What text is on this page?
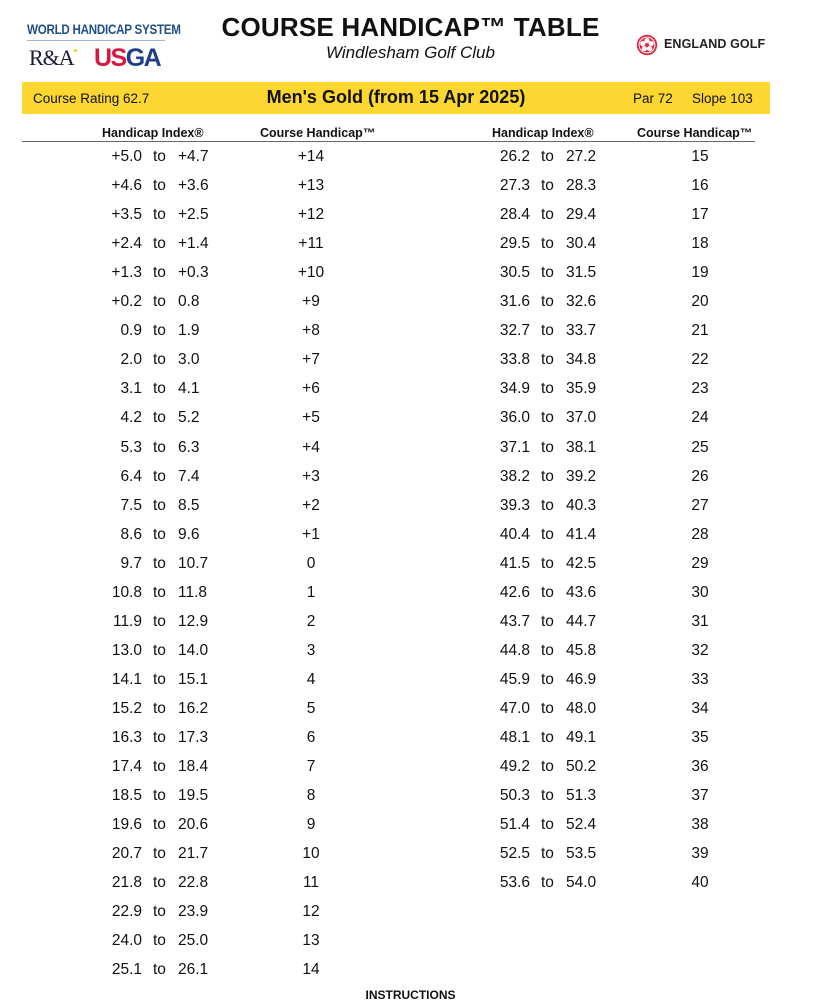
WORLD HANDICAP SYSTEM
R&A USGA
COURSE HANDICAP™ TABLE
Windlesham Golf Club	ENGLAND GOLF
Course Rating 62.7	Men's Gold (from 15 Apr 2025)	Par 72 Slope 103
Handicap Index®	Course Handicap™	Handicap Index®	Course Handicap™
+5.0 to +4.7	+14
+4.6 to +3.6	+13
+3.5 to +2.5	+12
+2.4 to +1.4	+11
+1.3 to +0.3	+10
+0.2 to 0.8	+9
0.9 to 1.9	+8
2.0 to 3.0	+7
3.1 to 4.1	+6
4.2 to 5.2	+5
5.3 to 6.3	+4
6.4 to 7.4	+3
7.5 to 8.5	+2
8.6 to 9.6	+1
9.7 to 10.7	0
10.8 to 11.8	1
11.9 to 12.9	2
13.0 to 14.0	3
14.1 to 15.1	4
15.2 to 16.2	5
16.3 to 17.3	6
17.4 to 18.4	7
18.5 to 19.5	8
19.6 to 20.6	9
20.7 to 21.7	10
21.8 to 22.8	11
22.9 to 23.9	12
24.0 to 25.0	13
25.1 to 26.1	14
26.2 to 27.2	15
27.3 to 28.3	16
28.4 to 29.4	17
29.5 to 30.4	18
30.5 to 31.5	19
31.6 to 32.6	20
32.7 to 33.7	21
33.8 to 34.8	22
34.9 to 35.9	23
36.0 to 37.0	24
37.1 to 38.1	25
38.2 to 39.2	26
39.3 to 40.3	27
40.4 to 41.4	28
41.5 to 42.5	29
42.6 to 43.6	30
43.7 to 44.7	31
44.8 to 45.8	32
45.9 to 46.9	33
47.0 to 48.0	34
48.1 to 49.1	35
49.2 to 50.2	36
50.3 to 51.3	37
51.4 to 52.4	38
52.5 to 53.5	39
53.6 to 54.0	40
INSTRUCTIONS
